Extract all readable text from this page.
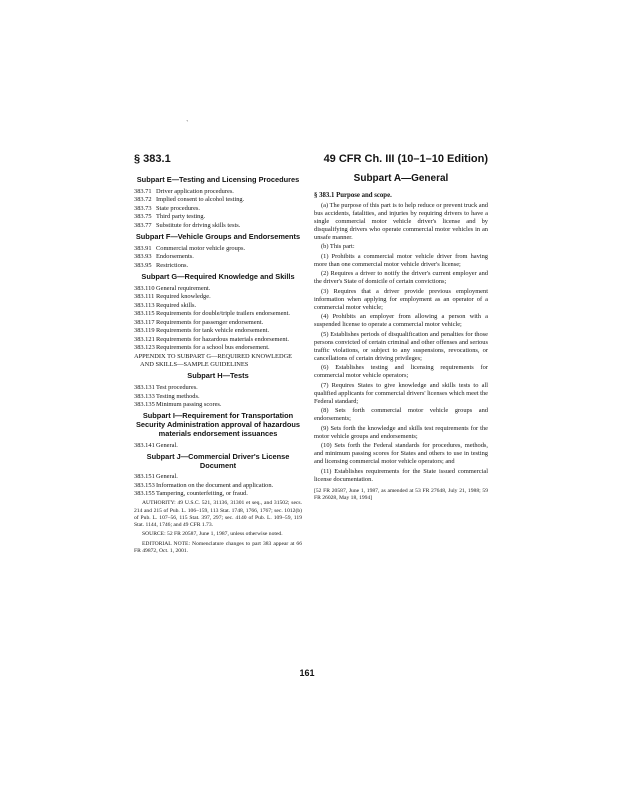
`
§ 383.1	49 CFR Ch. III (10–1–10 Edition)
Subpart E—Testing and Licensing Procedures
383.71 Driver application procedures.
383.72 Implied consent to alcohol testing.
383.73 State procedures.
383.75 Third party testing.
383.77 Substitute for driving skills tests.
Subpart F—Vehicle Groups and Endorsements
383.91 Commercial motor vehicle groups.
383.93 Endorsements.
383.95 Restrictions.
Subpart G—Required Knowledge and Skills
383.110 General requirement.
383.111 Required knowledge.
383.113 Required skills.
383.115 Requirements for double/triple trailers endorsement.
383.117 Requirements for passenger endorsement.
383.119 Requirements for tank vehicle endorsement.
383.121 Requirements for hazardous materials endorsement.
383.123 Requirements for a school bus endorsement.
APPENDIX TO SUBPART G—REQUIRED KNOWLEDGE AND SKILLS—SAMPLE GUIDELINES
Subpart H—Tests
383.131 Test procedures.
383.133 Testing methods.
383.135 Minimum passing scores.
Subpart I—Requirement for Transportation Security Administration approval of hazardous materials endorsement issuances
383.141 General.
Subpart J—Commercial Driver's License Document
383.151 General.
383.153 Information on the document and application.
383.155 Tampering, counterfeiting, or fraud.
AUTHORITY: 49 U.S.C. 521, 31136, 31301 et seq., and 31502; secs. 214 and 215 of Pub. L. 106–159, 113 Stat. 1748, 1766, 1767; sec. 1012(b) of Pub. L. 107–56, 115 Stat. 397, 297; sec. 4140 of Pub. L. 109–59, 119 Stat. 1144, 1746; and 49 CFR 1.73.
SOURCE: 52 FR 20587, June 1, 1987, unless otherwise noted.
EDITORIAL NOTE: Nomenclature changes to part 383 appear at 66 FR 49872, Oct. 1, 2001.
Subpart A—General
§ 383.1 Purpose and scope.
(a) The purpose of this part is to help reduce or prevent truck and bus accidents, fatalities, and injuries by requiring drivers to have a single commercial motor vehicle driver's license and by disqualifying drivers who operate commercial motor vehicles in an unsafe manner.
(b) This part:
(1) Prohibits a commercial motor vehicle driver from having more than one commercial motor vehicle driver's license;
(2) Requires a driver to notify the driver's current employer and the driver's State of domicile of certain convictions;
(3) Requires that a driver provide previous employment information when applying for employment as an operator of a commercial motor vehicle;
(4) Prohibits an employer from allowing a person with a suspended license to operate a commercial motor vehicle;
(5) Establishes periods of disqualification and penalties for those persons convicted of certain criminal and other offenses and serious traffic violations, or subject to any suspensions, revocations, or cancellations of certain driving privileges;
(6) Establishes testing and licensing requirements for commercial motor vehicle operators;
(7) Requires States to give knowledge and skills tests to all qualified applicants for commercial drivers' licenses which meet the Federal standard;
(8) Sets forth commercial motor vehicle groups and endorsements;
(9) Sets forth the knowledge and skills test requirements for the motor vehicle groups and endorsements;
(10) Sets forth the Federal standards for procedures, methods, and minimum passing scores for States and others to use in testing and licensing commercial motor vehicle operators; and
(11) Establishes requirements for the State issued commercial license documentation.
[52 FR 20587, June 1, 1987, as amended at 53 FR 27648, July 21, 1988; 59 FR 26028, May 18, 1994]
161
